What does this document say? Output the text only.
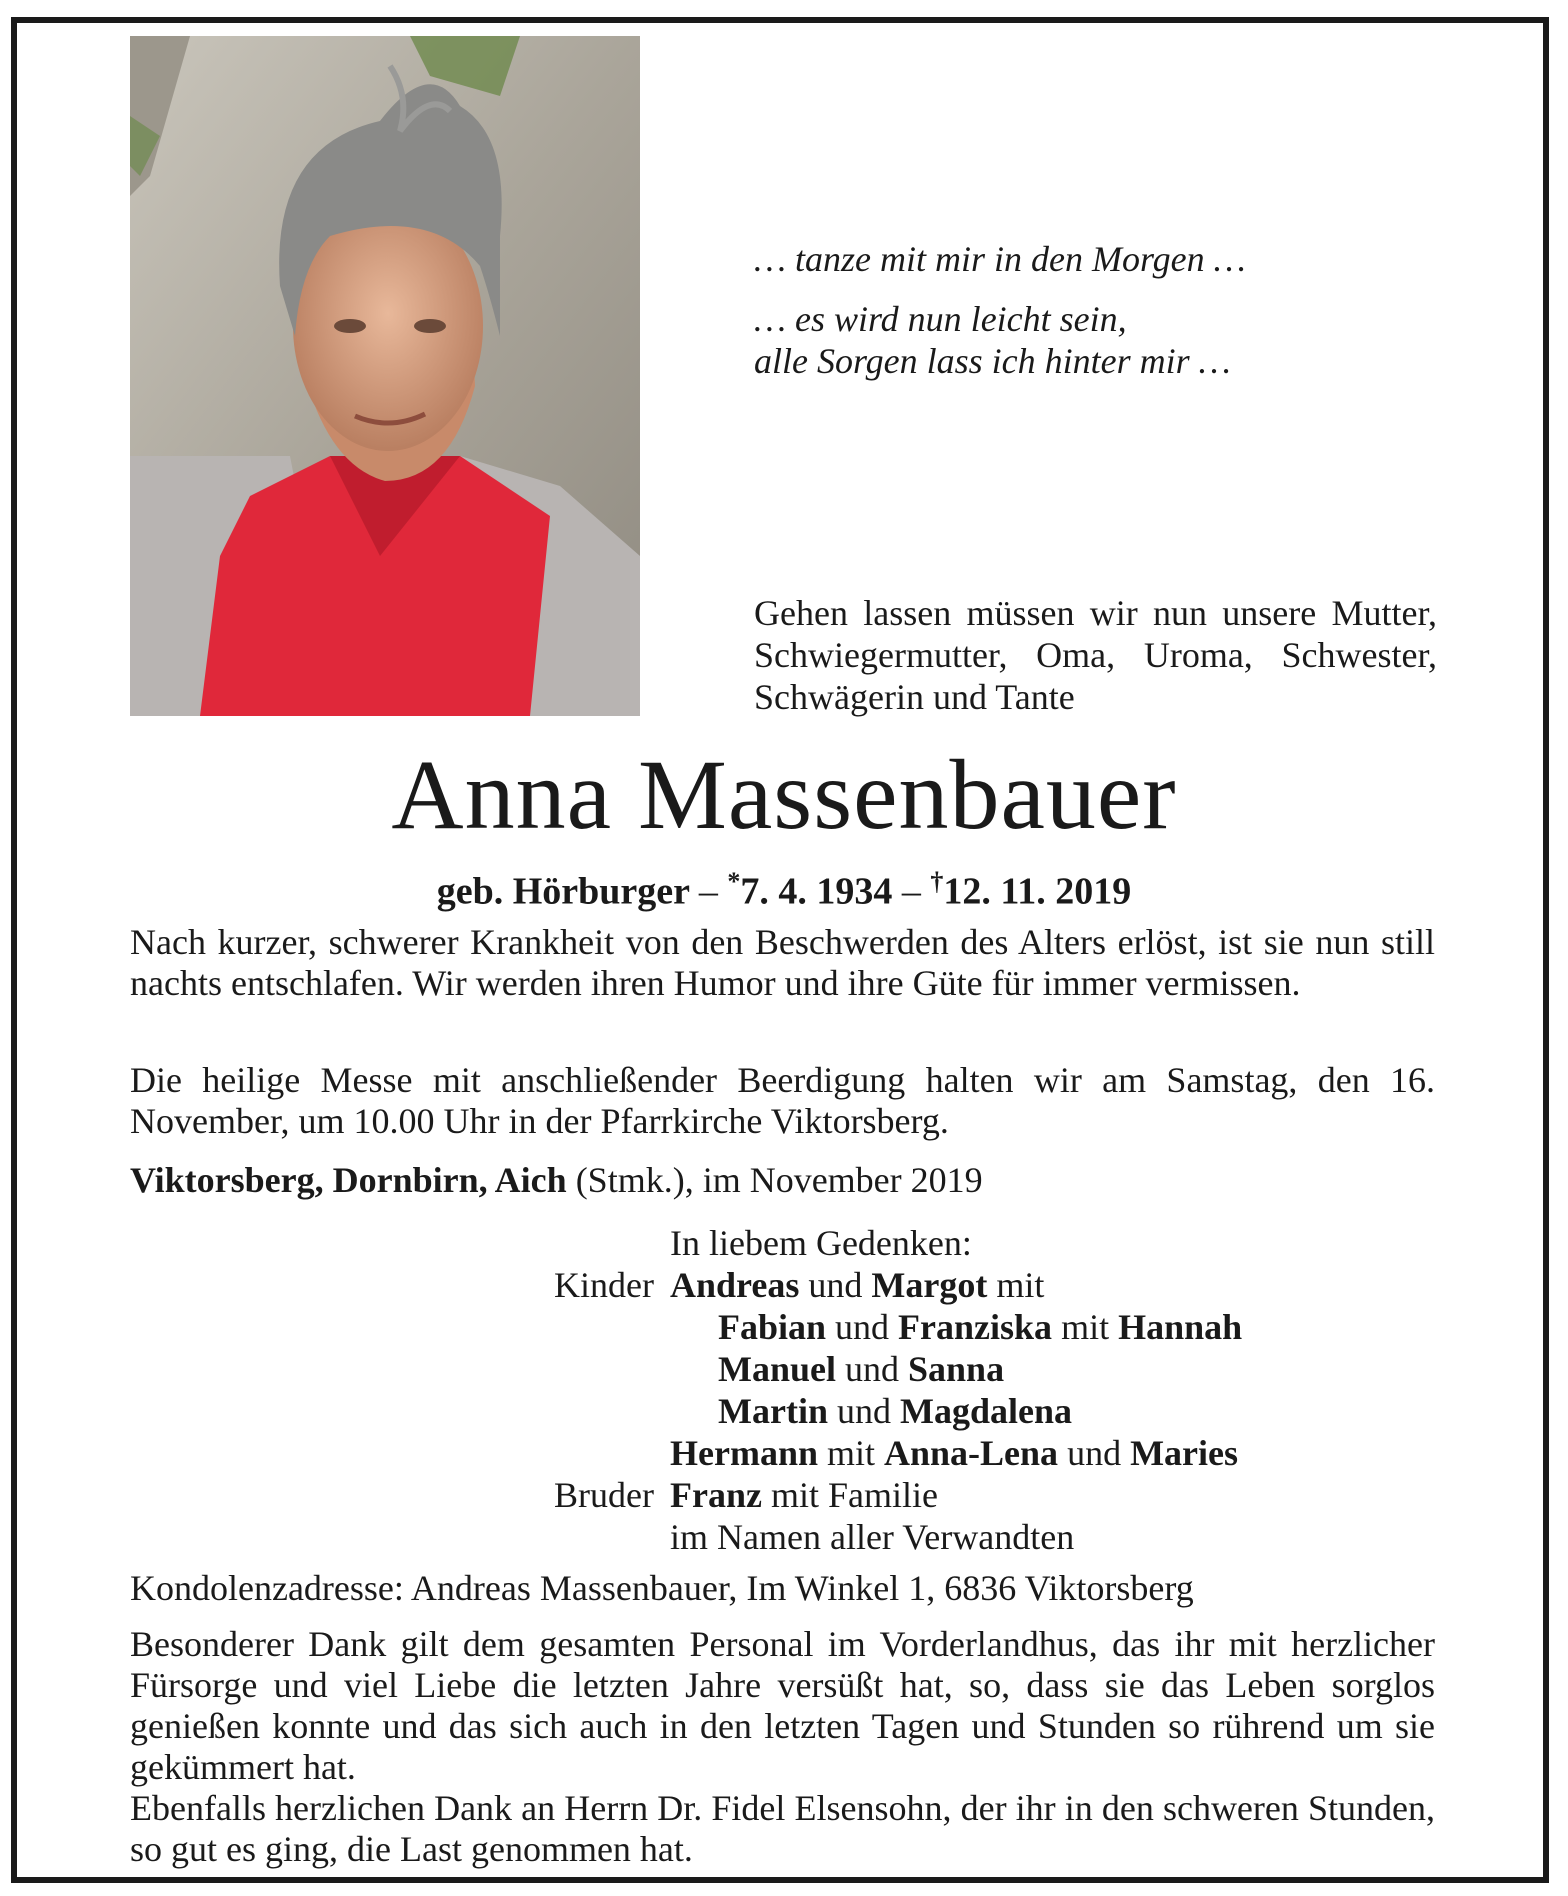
… tanze mit mir in den Morgen …

… es wird nun leicht sein,

alle Sorgen lass ich hinter mir …

Gehen lassen müssen wir nun unsere Mutter, Schwiegermutter, Oma, Uroma, Schwester, Schwägerin und Tante
Anna Massenbauer
geb. Hörburger – *7. 4. 1934 – †12. 11. 2019

Nach kurzer, schwerer Krankheit von den Beschwerden des Alters erlöst, ist sie nun still nachts entschlafen. Wir werden ihren Humor und ihre Güte für immer vermissen.

Die heilige Messe mit anschließender Beerdigung halten wir am Samstag, den 16. November, um 10.00 Uhr in der Pfarrkirche Viktorsberg.

Viktorsberg, Dornbirn, Aich (Stmk.), im November 2019

In liebem Gedenken:
Kinder Andreas und Margot mit
Fabian und Franziska mit Hannah
Manuel und Sanna
Martin und Magdalena
Hermann mit Anna-Lena und Maries
Bruder Franz mit Familie
im Namen aller Verwandten

Kondolenzadresse: Andreas Massenbauer, Im Winkel 1, 6836 Viktorsberg

Besonderer Dank gilt dem gesamten Personal im Vorderlandhus, das ihr mit herzlicher Fürsorge und viel Liebe die letzten Jahre versüßt hat, so, dass sie das Leben sorglos genießen konnte und das sich auch in den letzten Tagen und Stunden so rührend um sie gekümmert hat.

Ebenfalls herzlichen Dank an Herrn Dr. Fidel Elsensohn, der ihr in den schweren Stunden, so gut es ging, die Last genommen hat.
